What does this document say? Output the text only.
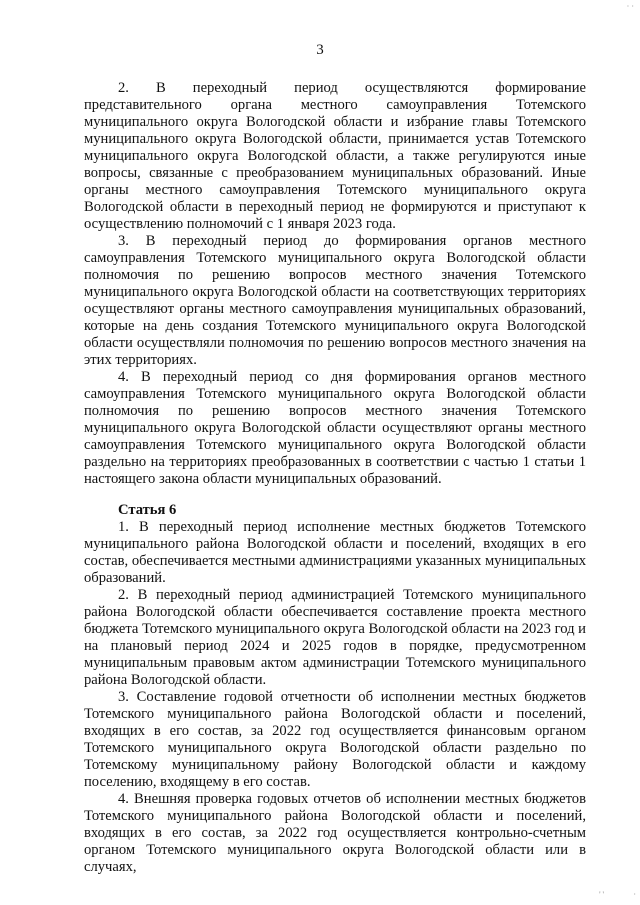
· ·
3

2. В переходный период осуществляются формирование представительного органа местного самоуправления Тотемского муниципального округа Вологодской области и избрание главы Тотемского муниципального округа Вологодской области, принимается устав Тотемского муниципального округа Вологодской области, а также регулируются иные вопросы, связанные с преобразованием муниципальных образований. Иные органы местного самоуправления Тотемского муниципального округа Вологодской области в переходный период не формируются и приступают к осуществлению полномочий с 1 января 2023 года.

3. В переходный период до формирования органов местного самоуправления Тотемского муниципального округа Вологодской области полномочия по решению вопросов местного значения Тотемского муниципального округа Вологодской области на соответствующих территориях осуществляют органы местного самоуправления муниципальных образований, которые на день создания Тотемского муниципального округа Вологодской области осуществляли полномочия по решению вопросов местного значения на этих территориях.

4. В переходный период со дня формирования органов местного самоуправления Тотемского муниципального округа Вологодской области полномочия по решению вопросов местного значения Тотемского муниципального округа Вологодской области осуществляют органы местного самоуправления Тотемского муниципального округа Вологодской области раздельно на территориях преобразованных в соответствии с частью 1 статьи 1 настоящего закона области муниципальных образований.

Статья 6

1. В переходный период исполнение местных бюджетов Тотемского муниципального района Вологодской области и поселений, входящих в его состав, обеспечивается местными администрациями указанных муниципальных образований.

2. В переходный период администрацией Тотемского муниципального района Вологодской области обеспечивается составление проекта местного бюджета Тотемского муниципального округа Вологодской области на 2023 год и на плановый период 2024 и 2025 годов в порядке, предусмотренном муниципальным правовым актом администрации Тотемского муниципального района Вологодской области.

3. Составление годовой отчетности об исполнении местных бюджетов Тотемского муниципального района Вологодской области и поселений, входящих в его состав, за 2022 год осуществляется финансовым органом Тотемского муниципального округа Вологодской области раздельно по Тотемскому муниципальному району Вологодской области и каждому поселению, входящему в его состав.

4. Внешняя проверка годовых отчетов об исполнении местных бюджетов Тотемского муниципального района Вологодской области и поселений, входящих в его состав, за 2022 год осуществляется контрольно-счетным органом Тотемского муниципального округа Вологодской области или в случаях,

' '	·
